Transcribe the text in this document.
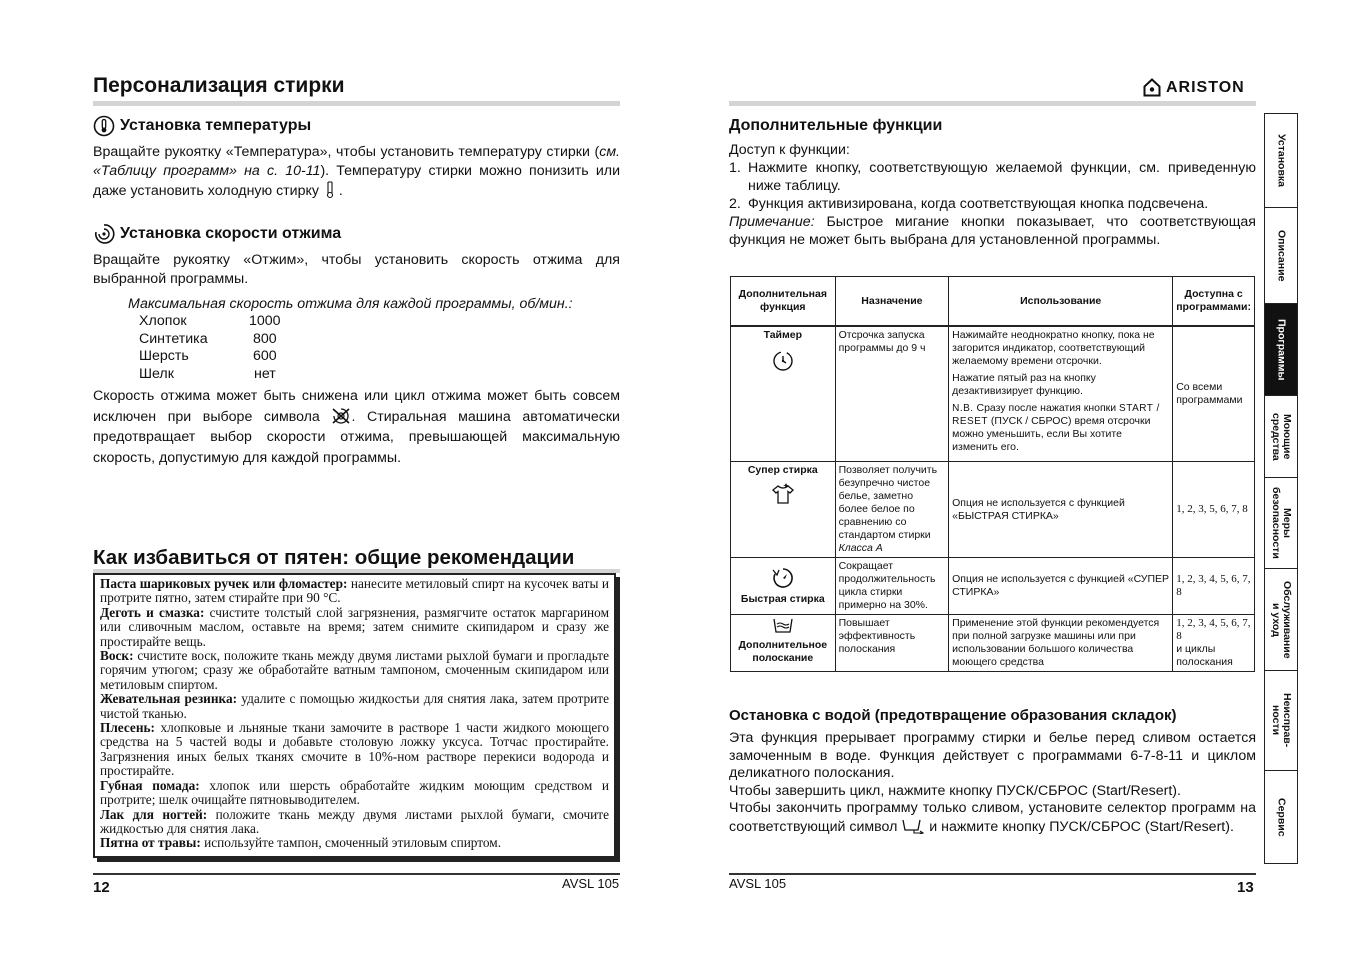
Персонализация стирки
Установка температуры
Вращайте рукоятку «Температура», чтобы установить температуру стирки (см. «Таблицу программ» на с. 10-11). Температуру стирки можно понизить или даже установить холодную стирку .
Установка скорости отжима
Вращайте рукоятку «Отжим», чтобы установить скорость отжима для выбранной программы.
Максимальная скорость отжима для каждой программы, об/мин.:
Хлопок	1000
Синтетика	800
Шерсть	600
Шелк	нет
Скорость отжима может быть снижена или цикл отжима может быть совсем исключен при выборе символа . Стиральная машина автоматически предотвращает выбор скорости отжима, превышающей максимальную скорость, допустимую для каждой программы.
Как избавиться от пятен: общие рекомендации
Паста шариковых ручек или фломастер: нанесите метиловый спирт на кусочек ваты и протрите пятно, затем стирайте при 90 °С.
Деготь и смазка: счистите толстый слой загрязнения, размягчите остаток маргарином или сливочным маслом, оставьте на время; затем снимите скипидаром и сразу же простирайте вещь.
Воск: счистите воск, положите ткань между двумя листами рыхлой бумаги и прогладьте горячим утюгом; сразу же обработайте ватным тампоном, смоченным скипидаром или метиловым спиртом.
Жевательная резинка: удалите с помощью жидкостьи для снятия лака, затем протрите чистой тканью.
Плесень: хлопковые и льняные ткани замочите в растворе 1 части жидкого моющего средства на 5 частей воды и добавьте столовую ложку уксуса. Тотчас простирайте. Загрязнения иных белых тканях смочите в 10%-ном растворе перекиси водорода и простирайте.
Губная помада: хлопок или шерсть обработайте жидким моющим средством и протрите; шелк очищайте пятновыводителем.
Лак для ногтей: положите ткань между двумя листами рыхлой бумаги, смочите жидкостью для снятия лака.
Пятна от травы: используйте тампон, смоченный этиловым спиртом.
12	AVSL 105
ARISTON
Дополнительные функции
Доступ к функции:
1. Нажмите кнопку, соответствующую желаемой функции, см. приведенную ниже таблицу.
2. Функция активизирована, когда соответствующая кнопка подсвечена.
Примечание: Быстрое мигание кнопки показывает, что соответствующая функция не может быть выбрана для установленной программы.
Дополнительная функция	Назначение	Использование	Доступна с программами:

Таймер	Отсрочка запуска программы до 9 ч	Нажимайте неоднократно кнопку, пока не загорится индикатор, соответствующий желаемому времени отсрочки.
Нажатие пятый раз на кнопку дезактивизирует функцию.
N.B. Сразу после нажатия кнопки START / RESET (ПУСК / СБРОС) время отсрочки можно уменьшить, если Вы хотите изменить его.	Со всеми программами

Супер стирка	Позволяет получить безупречно чистое белье, заметно более белое по сравнению со стандартом стирки Класса А	Опция не используется с функцией «БЫСТРАЯ СТИРКА»	1, 2, 3, 5, 6, 7, 8

Быстрая стирка	Сокращает продолжительность цикла стирки примерно на 30%.	Опция не используется с функцией «СУПЕР СТИРКА»	1, 2, 3, 4, 5, 6, 7, 8

Дополнительное полоскание	Повышает эффективность полоскания	Применение этой функции рекомендуется при полной загрузке машины или при использовании большого количества моющего средства	1, 2, 3, 4, 5, 6, 7, 8
и циклы полоскания
Остановка с водой (предотвращение образования складок)
Эта функция прерывает программу стирки и белье перед сливом остается замоченным в воде. Функция действует с программами 6-7-8-11 и циклом деликатного полоскания.
Чтобы завершить цикл, нажмите кнопку ПУСК/СБРОС (Start/Resert).
Чтобы закончить программу только сливом, установите селектор программ на соответствующий символ  и нажмите кнопку ПУСК/СБРОС (Start/Resert).
AVSL 105	13
Установка
Описание
Программы
Моющие
средства
Меры
безопасности
Обслуживание
и уход
Неисправ-
ности
Сервис
